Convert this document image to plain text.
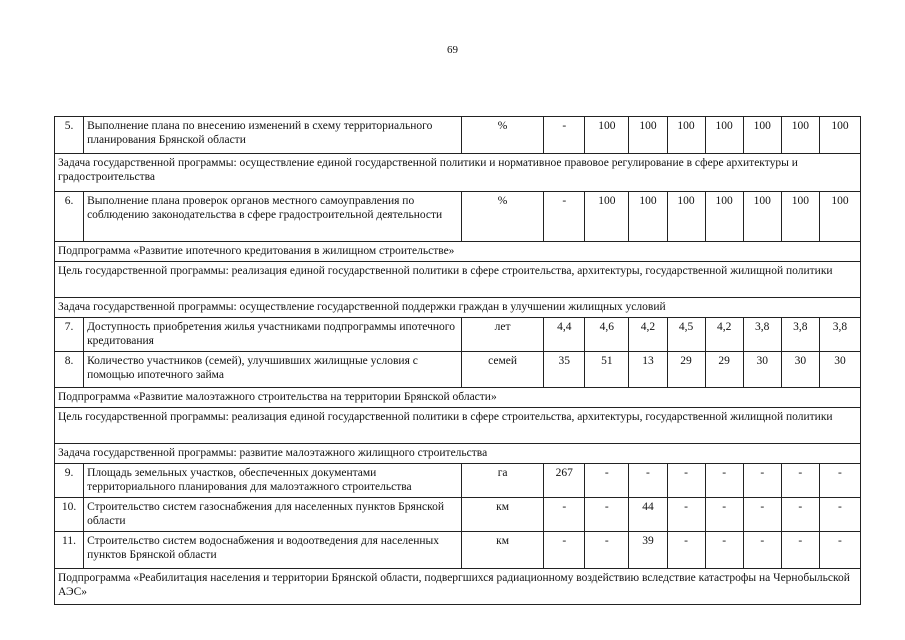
69
5.	Выполнение плана по внесению изменений в схему территориального планирования Брянской области	%	-	100	100	100	100	100	100	100
Задача государственной программы: осуществление единой государственной политики и нормативное правовое регулирование в сфере архитектуры и градостроительства										
6.	Выполнение плана проверок органов местного самоуправления по соблюдению законодательства в сфере градостроительной деятельности	%	-	100	100	100	100	100	100	100
Подпрограмма «Развитие ипотечного кредитования в жилищном строительстве»										
Цель государственной программы: реализация единой государственной политики в сфере строительства, архитектуры, государственной жилищной политики										
Задача государственной программы: осуществление государственной поддержки граждан в улучшении жилищных условий										
7.	Доступность приобретения жилья участниками подпрограммы ипотечного кредитования	лет	4,4	4,6	4,2	4,5	4,2	3,8	3,8	3,8
8.	Количество участников (семей), улучшивших жилищные условия с помощью ипотечного займа	семей	35	51	13	29	29	30	30	30
Подпрограмма «Развитие малоэтажного строительства на территории Брянской области»										
Цель государственной программы: реализация единой государственной политики в сфере строительства, архитектуры, государственной жилищной политики										
Задача государственной программы: развитие малоэтажного жилищного строительства										
9.	Площадь земельных участков, обеспеченных документами территориального планирования для малоэтажного строительства	га	267	-	-	-	-	-	-	-
10.	Строительство систем газоснабжения для населенных пунктов Брянской области	км	-	-	44	-	-	-	-	-
11.	Строительство систем водоснабжения и водоотведения для населенных пунктов Брянской области	км	-	-	39	-	-	-	-	-
Подпрограмма «Реабилитация населения и территории Брянской области, подвергшихся радиационному воздействию вследствие катастрофы на Чернобыльской АЭС»										
